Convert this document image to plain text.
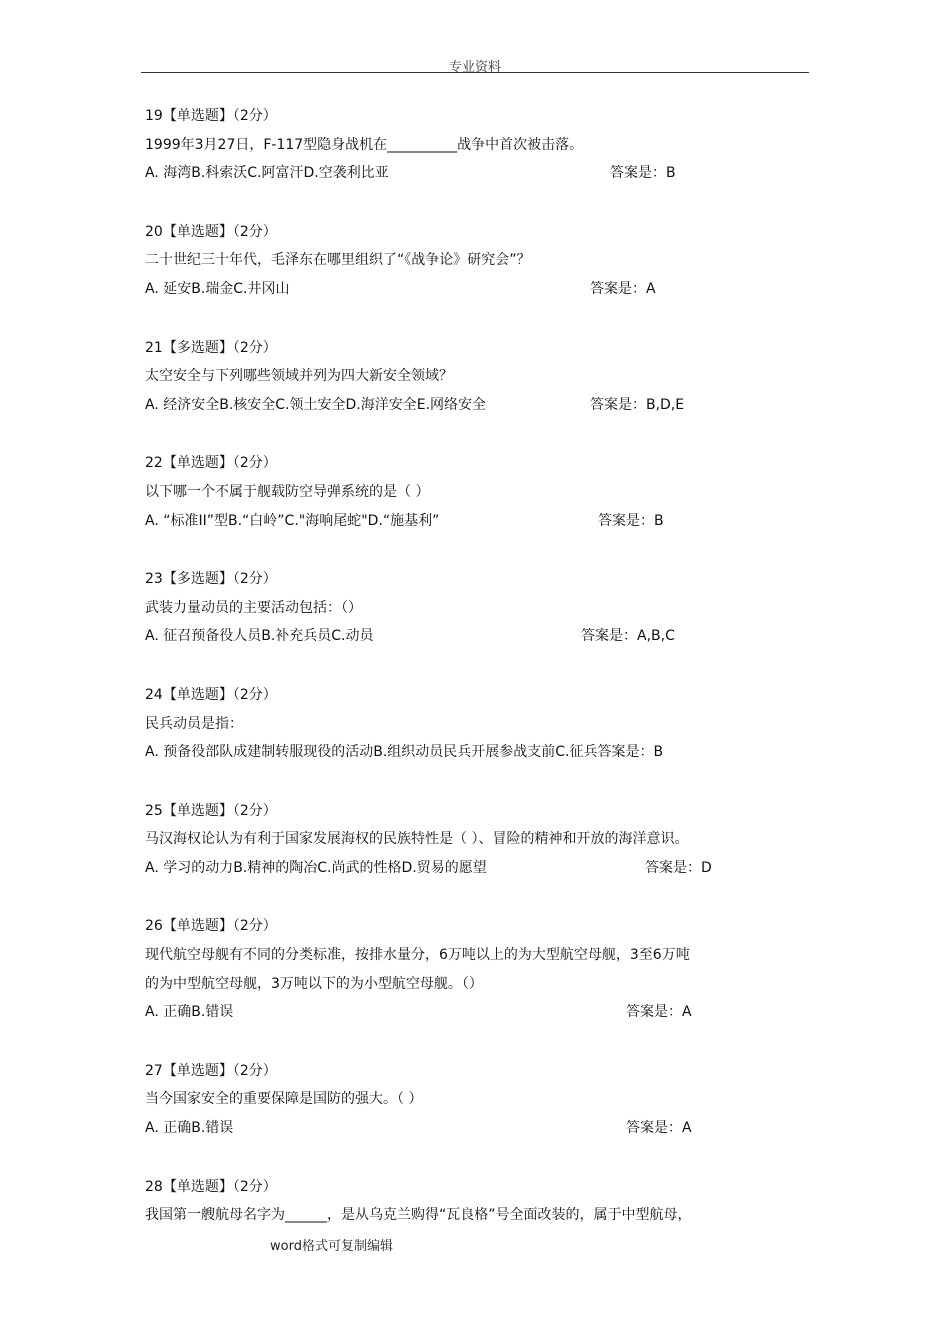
专业资料
19【单选题】（2分）
1999年3月27日，F-117型隐身战机在__________战争中首次被击落。
A. 海湾B.科索沃C.阿富汗D.空袭利比亚	答案是：B
20【单选题】（2分）
二十世纪三十年代，毛泽东在哪里组织了“《战争论》研究会”？
A. 延安B.瑞金C.井冈山	答案是：A
21【多选题】（2分）
太空安全与下列哪些领域并列为四大新安全领域？
A. 经济安全B.核安全C.领土安全D.海洋安全E.网络安全	答案是：B,D,E
22【单选题】（2分）
以下哪一个不属于舰载防空导弹系统的是（ ）
A. “标准II”型B.“白岭”C."海响尾蛇"D.“施基利”	答案是：B
23【多选题】（2分）
武装力量动员的主要活动包括：（）
A. 征召预备役人员B.补充兵员C.动员	答案是：A,B,C
24【单选题】（2分）
民兵动员是指：
A. 预备役部队成建制转服现役的活动B.组织动员民兵开展参战支前C.征兵 答案是：B
25【单选题】（2分）
马汉海权论认为有利于国家发展海权的民族特性是（ ）、冒险的精神和开放的海洋意识。
A. 学习的动力B.精神的陶冶C.尚武的性格D.贸易的愿望	答案是：D
26【单选题】（2分）
现代航空母舰有不同的分类标准，按排水量分，6万吨以上的为大型航空母舰，3至6万吨
的为中型航空母舰，3万吨以下的为小型航空母舰。（）
A. 正确B.错误	答案是：A
27【单选题】（2分）
当今国家安全的重要保障是国防的强大。（ ）
A. 正确B.错误	答案是：A
28【单选题】（2分）
我国第一艘航母名字为______，是从乌克兰购得“瓦良格”号全面改装的，属于中型航母，
word格式可复制编辑
